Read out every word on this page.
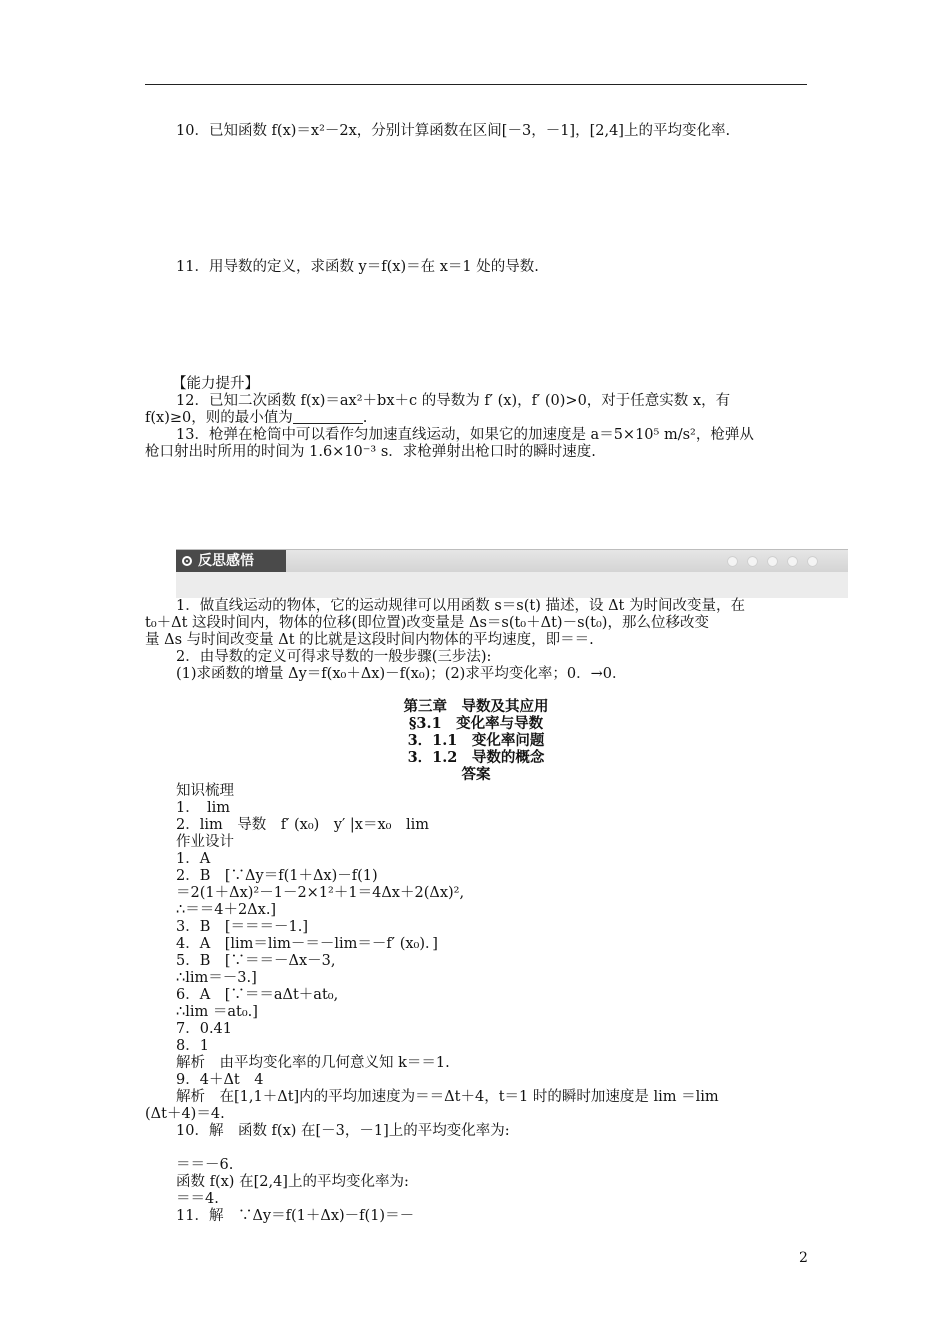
10．已知函数 f(x)＝x²－2x，分别计算函数在区间[－3，－1]，[2,4]上的平均变化率.
11．用导数的定义，求函数 y＝f(x)＝在 x＝1 处的导数.
【能力提升】
12．已知二次函数 f(x)＝ax²＋bx＋c 的导数为 f′ (x)，f′ (0)>0，对于任意实数 x，有
f(x)≥0，则的最小值为	.
13．枪弹在枪筒中可以看作匀加速直线运动，如果它的加速度是 a＝5×10⁵ m/s²，枪弹从
枪口射出时所用的时间为 1.6×10⁻³ s．求枪弹射出枪口时的瞬时速度.
反思感悟
1．做直线运动的物体，它的运动规律可以用函数 s＝s(t) 描述，设 Δt 为时间改变量，在
t₀＋Δt 这段时间内，物体的位移(即位置)改变量是 Δs＝s(t₀＋Δt)－s(t₀)，那么位移改变
量 Δs 与时间改变量 Δt 的比就是这段时间内物体的平均速度，即＝＝.
2．由导数的定义可得求导数的一般步骤(三步法):
(1)求函数的增量 Δy＝f(x₀＋Δx)－f(x₀)；(2)求平均变化率；0．→0．
第三章　导数及其应用
§3.1　变化率与导数
3．1.1　变化率问题
3．1.2　导数的概念
答案
知识梳理
1．　lim
2．lim　导数　f′ (x₀)　y′ |x＝x₀　lim
作业设计
1．A
2．B　[∵Δy＝f(1＋Δx)－f(1)
＝2(1＋Δx)²－1－2×1²＋1＝4Δx＋2(Δx)²,
∴＝＝4＋2Δx.]
3．B　[＝＝＝－1.]
4．A　[lim＝lim－＝－lim＝－f′ (x₀)．]
5．B　[∵＝＝－Δx－3,
∴lim＝－3.]
6．A　[∵＝＝aΔt＋at₀,
∴lim ＝at₀.]
7．0.41
8．1
解析　由平均变化率的几何意义知 k＝＝1.
9．4＋Δt　4
解析　在[1,1＋Δt]内的平均加速度为＝＝Δt＋4，t＝1 时的瞬时加速度是 lim ＝lim
(Δt＋4)＝4.
10．解　函数 f(x) 在[－3，－1]上的平均变化率为:
＝＝－6.
函数 f(x) 在[2,4]上的平均变化率为:
＝＝4.
11．解　∵Δy＝f(1＋Δx)－f(1)＝－
2
